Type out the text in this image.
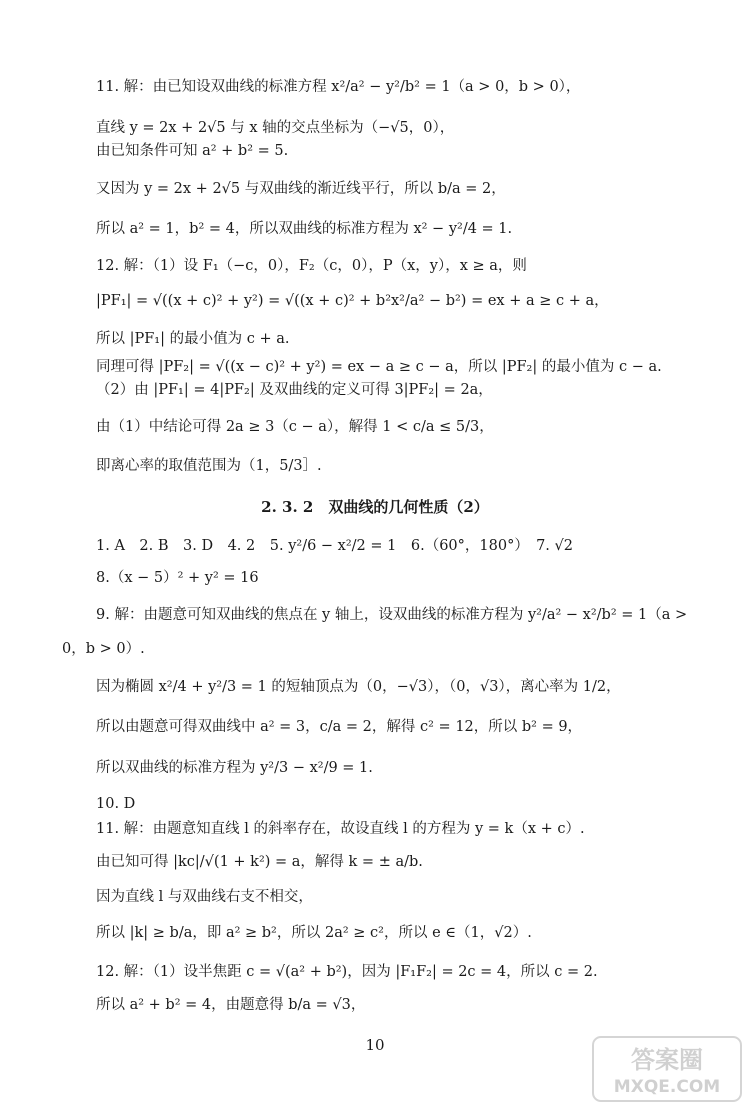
11. 解：由已知设双曲线的标准方程 x²/a² − y²/b² = 1（a > 0，b > 0），
直线 y = 2x + 2√5 与 x 轴的交点坐标为（−√5，0），
由已知条件可知 a² + b² = 5.
又因为 y = 2x + 2√5 与双曲线的渐近线平行，所以 b/a = 2，
所以 a² = 1，b² = 4，所以双曲线的标准方程为 x² − y²/4 = 1.
12. 解：（1）设 F₁（−c，0），F₂（c，0），P（x，y），x ≥ a，则
|PF₁| = √((x + c)² + y²) = √((x + c)² + b²x²/a² − b²) = ex + a ≥ c + a，
所以 |PF₁| 的最小值为 c + a.
同理可得 |PF₂| = √((x − c)² + y²) = ex − a ≥ c − a，所以 |PF₂| 的最小值为 c − a.
（2）由 |PF₁| = 4|PF₂| 及双曲线的定义可得 3|PF₂| = 2a，
由（1）中结论可得 2a ≥ 3（c − a），解得 1 < c/a ≤ 5/3，
即离心率的取值范围为（1，5/3］.
2. 3. 2　双曲线的几何性质（2）
1. A　2. B　3. D　4. 2　5. y²/6 − x²/2 = 1　6.（60°，180°）　7. √2
8.（x − 5）² + y² = 16
9. 解：由题意可知双曲线的焦点在 y 轴上，设双曲线的标准方程为 y²/a² − x²/b² = 1（a >
0，b > 0）.
因为椭圆 x²/4 + y²/3 = 1 的短轴顶点为（0，−√3），（0，√3），离心率为 1/2，
所以由题意可得双曲线中 a² = 3，c/a = 2，解得 c² = 12，所以 b² = 9，
所以双曲线的标准方程为 y²/3 − x²/9 = 1.
10. D
11. 解：由题意知直线 l 的斜率存在，故设直线 l 的方程为 y = k（x + c）.
由已知可得 |kc|/√(1 + k²) = a，解得 k = ± a/b.
因为直线 l 与双曲线右支不相交，
所以 |k| ≥ b/a，即 a² ≥ b²，所以 2a² ≥ c²，所以 e ∈（1，√2）.
12. 解：（1）设半焦距 c = √(a² + b²)，因为 |F₁F₂| = 2c = 4，所以 c = 2.
所以 a² + b² = 4，由题意得 b/a = √3，
10
答案圈
MXQE.COM
